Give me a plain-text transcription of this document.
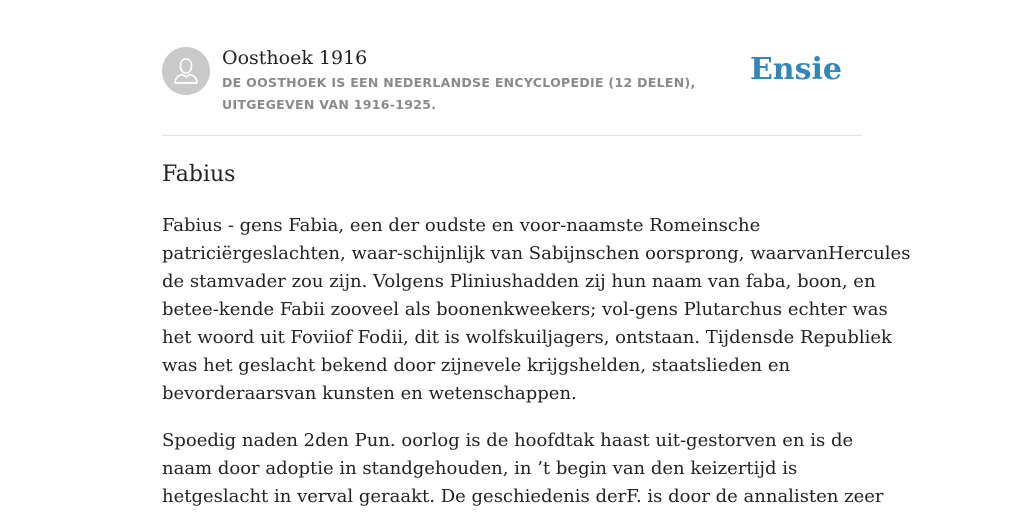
Oosthoek 1916
DE OOSTHOEK IS EEN NEDERLANDSE ENCYCLOPEDIE (12 DELEN), UITGEGEVEN VAN 1916-1925.
Ensie
Fabius

Fabius - gens Fabia, een der oudste en voor-naamste Romeinsche
patriciërgeslachten, waar-schijnlijk van Sabijnschen oorsprong, waarvanHercules
de stamvader zou zijn. Volgens Pliniushadden zij hun naam van faba, boon, en
betee-kende Fabii zooveel als boonenkweekers; vol-gens Plutarchus echter was
het woord uit Foviiof Fodii, dit is wolfskuiljagers, ontstaan. Tijdensde Republiek
was het geslacht bekend door zijnevele krijgshelden, staatslieden en
bevorderaarsvan kunsten en wetenschappen.

Spoedig naden 2den Pun. oorlog is de hoofdtak haast uit-gestorven en is de
naam door adoptie in standgehouden, in ’t begin van den keizertijd is
hetgeslacht in verval geraakt. De geschiedenis derF. is door de annalisten zeer
